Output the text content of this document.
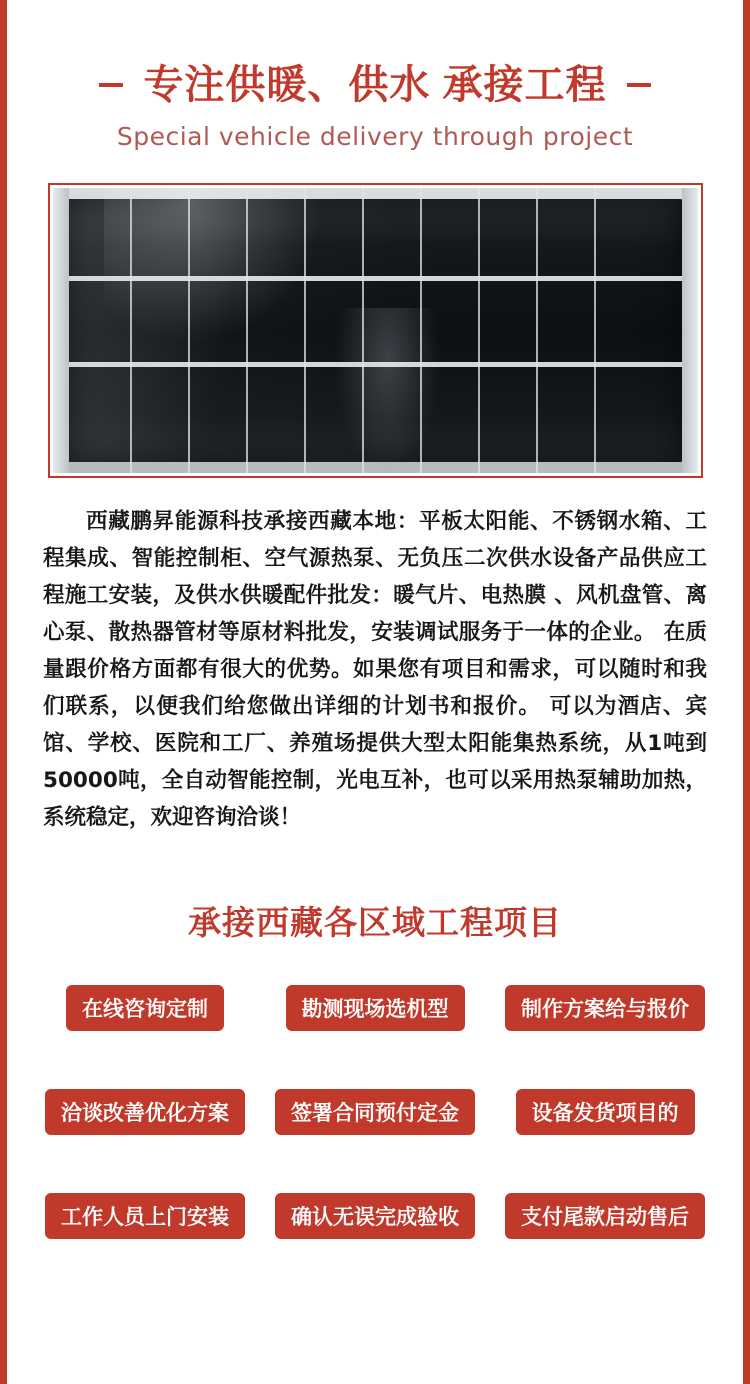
专注供暖、供水 承接工程
Special vehicle delivery through project

西藏鹏昇能源科技承接西藏本地：平板太阳能、不锈钢水箱、工程集成、智能控制柜、空气源热泵、无负压二次供水设备产品供应工程施工安装，及供水供暖配件批发：暖气片、电热膜 、风机盘管、离心泵、散热器管材等原材料批发，安装调试服务于一体的企业。 在质量跟价格方面都有很大的优势。如果您有项目和需求，可以随时和我们联系，以便我们给您做出详细的计划书和报价。 可以为酒店、宾馆、学校、医院和工厂、养殖场提供大型太阳能集热系统，从1吨到50000吨，全自动智能控制，光电互补，也可以采用热泵辅助加热，系统稳定，欢迎咨询洽谈！

承接西藏各区域工程项目
在线咨询定制	勘测现场选机型	制作方案给与报价
洽谈改善优化方案	签署合同预付定金	设备发货项目的
工作人员上门安装	确认无误完成验收	支付尾款启动售后
